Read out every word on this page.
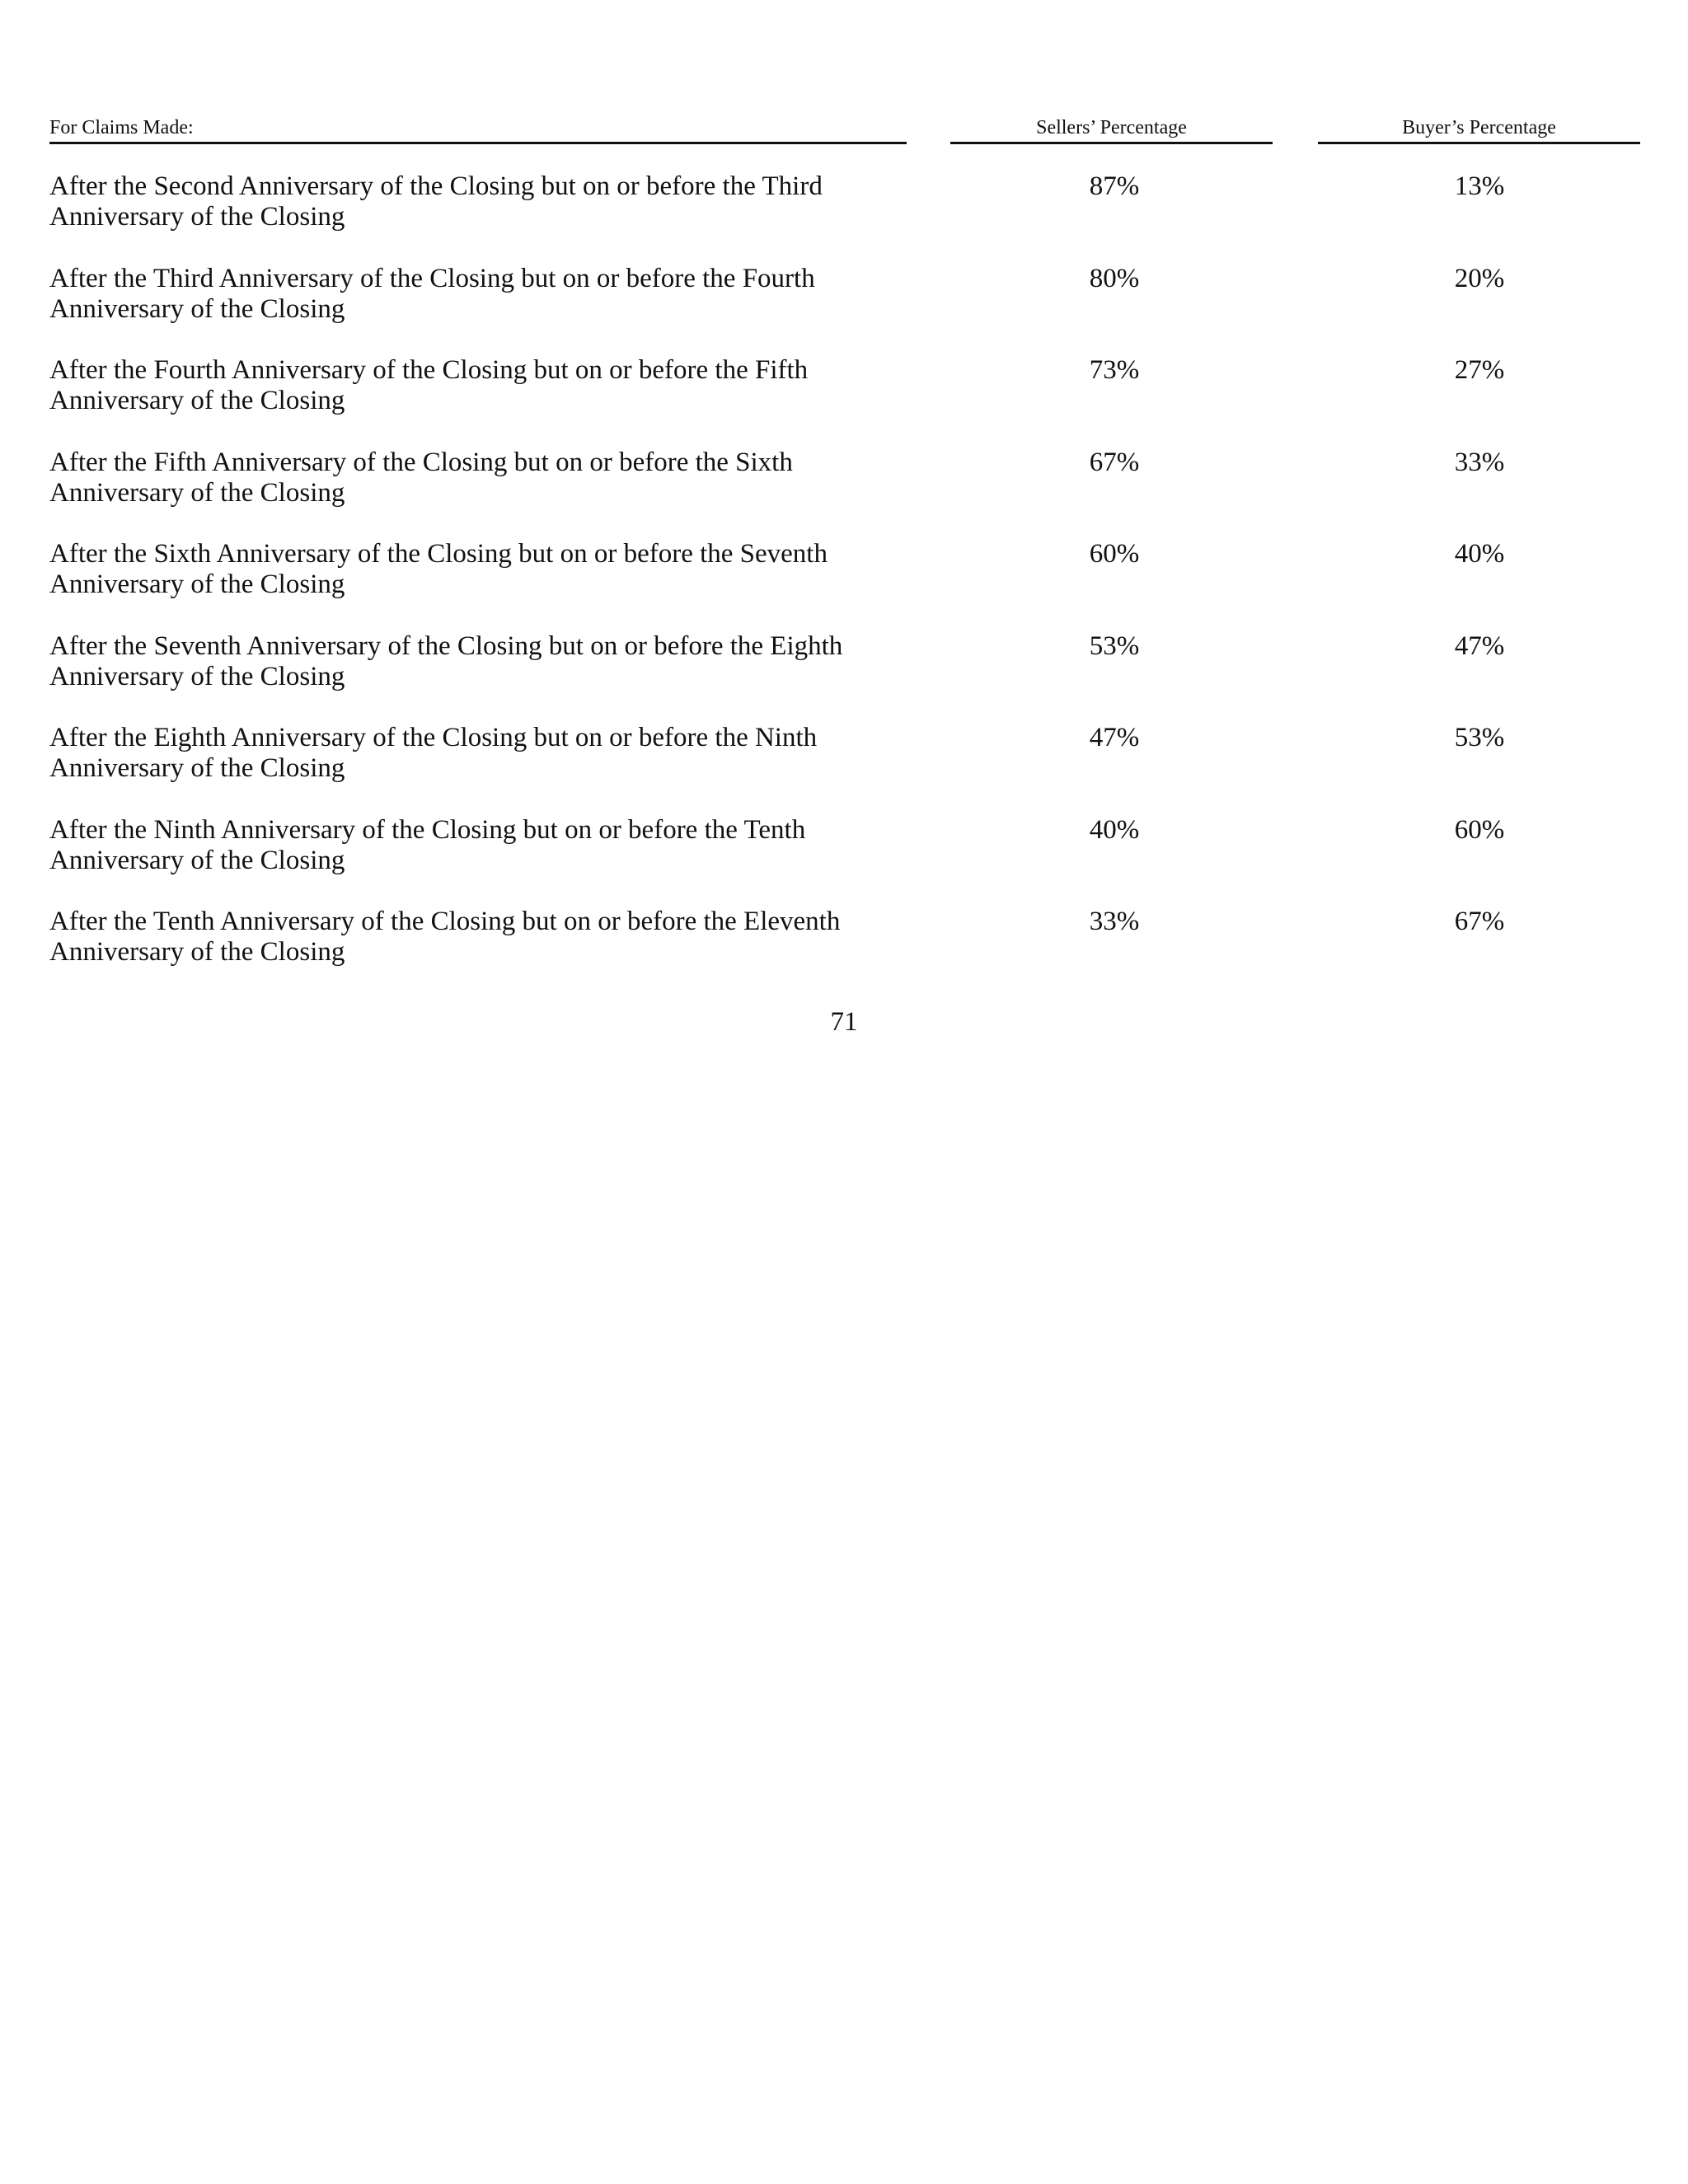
For Claims Made:	Sellers’ Percentage	Buyer’s Percentage
After the Second Anniversary of the Closing but on or before the Third Anniversary of the Closing
87%	13%
After the Third Anniversary of the Closing but on or before the Fourth Anniversary of the Closing
80%	20%
After the Fourth Anniversary of the Closing but on or before the Fifth Anniversary of the Closing
73%	27%
After the Fifth Anniversary of the Closing but on or before the Sixth Anniversary of the Closing
67%	33%
After the Sixth Anniversary of the Closing but on or before the Seventh Anniversary of the Closing
60%	40%
After the Seventh Anniversary of the Closing but on or before the Eighth Anniversary of the Closing
53%	47%
After the Eighth Anniversary of the Closing but on or before the Ninth Anniversary of the Closing
47%	53%
After the Ninth Anniversary of the Closing but on or before the Tenth Anniversary of the Closing
40%	60%
After the Tenth Anniversary of the Closing but on or before the Eleventh Anniversary of the Closing
33%	67%
71
